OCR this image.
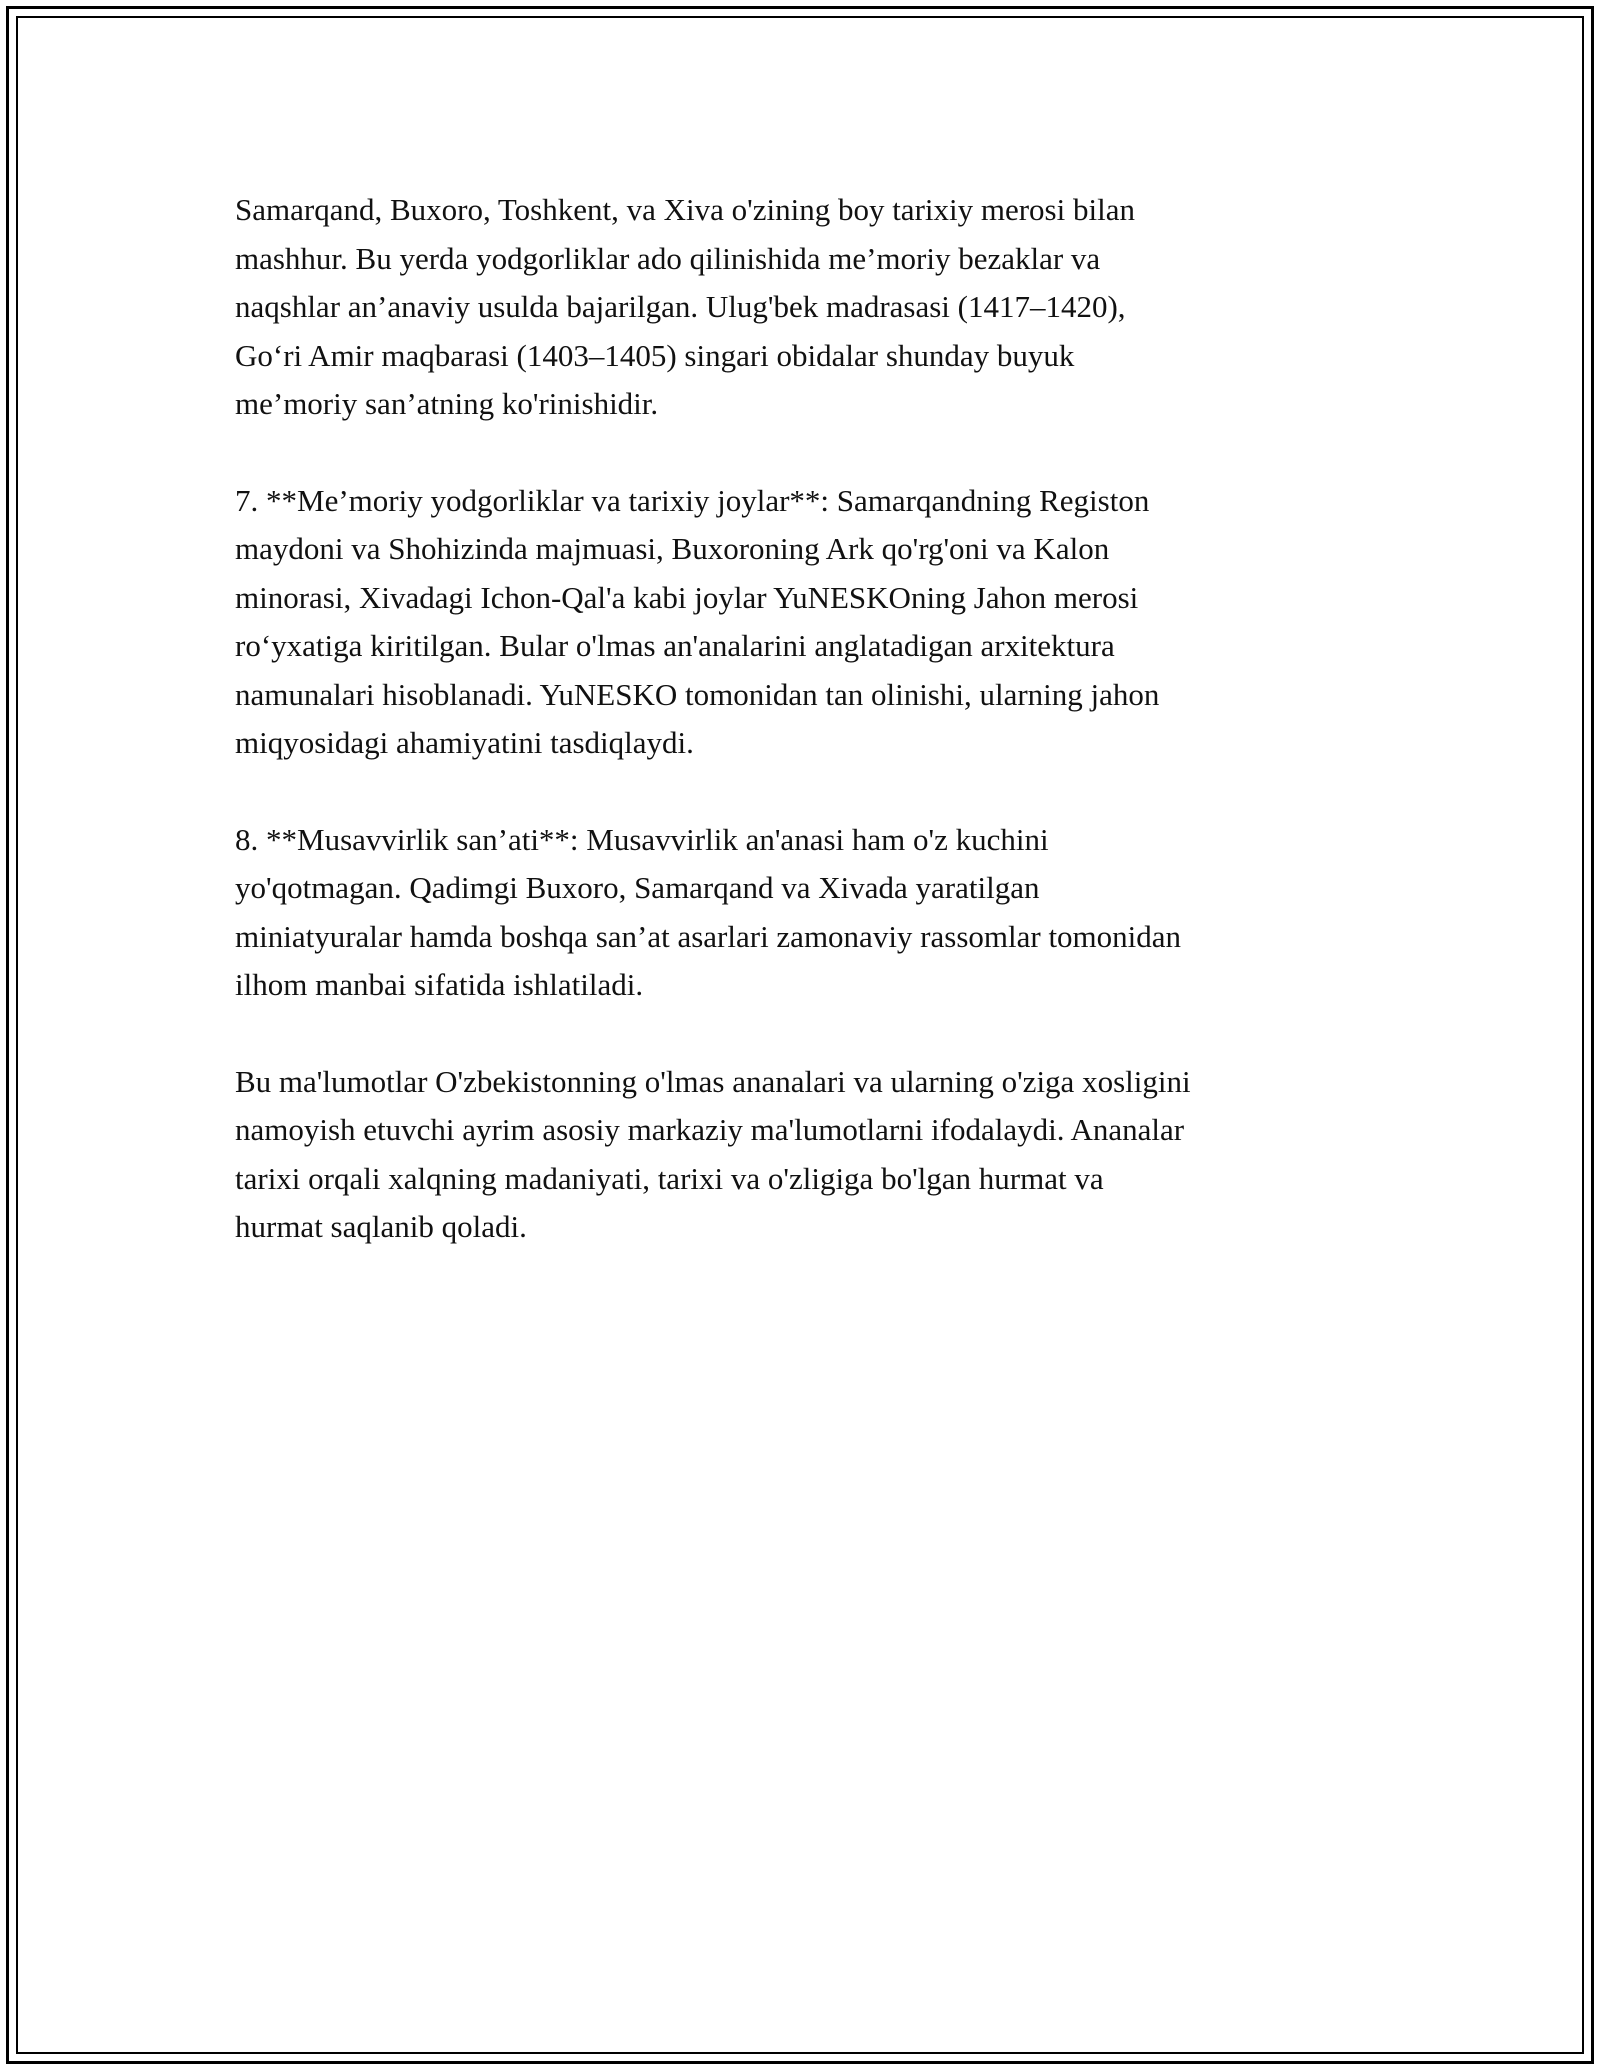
Samarqand, Buxoro, Toshkent, va Xiva o'zining boy tarixiy merosi bilan
mashhur. Bu yerda yodgorliklar ado qilinishida me’moriy bezaklar va
naqshlar an’anaviy usulda bajarilgan. Ulug'bek madrasasi (1417–1420),
Go‘ri Amir maqbarasi (1403–1405) singari obidalar shunday buyuk
me’moriy san’atning ko'rinishidir.

7. **Me’moriy yodgorliklar va tarixiy joylar**: Samarqandning Registon
maydoni va Shohizinda majmuasi, Buxoroning Ark qo'rg'oni va Kalon
minorasi, Xivadagi Ichon-Qal'a kabi joylar YuNESKOning Jahon merosi
ro‘yxatiga kiritilgan. Bular o'lmas an'analarini anglatadigan arxitektura
namunalari hisoblanadi. YuNESKO tomonidan tan olinishi, ularning jahon
miqyosidagi ahamiyatini tasdiqlaydi.

8. **Musavvirlik san’ati**: Musavvirlik an'anasi ham o'z kuchini
yo'qotmagan. Qadimgi Buxoro, Samarqand va Xivada yaratilgan
miniatyuralar hamda boshqa san’at asarlari zamonaviy rassomlar tomonidan
ilhom manbai sifatida ishlatiladi.

Bu ma'lumotlar O'zbekistonning o'lmas ananalari va ularning o'ziga xosligini
namoyish etuvchi ayrim asosiy markaziy ma'lumotlarni ifodalaydi. Ananalar
tarixi orqali xalqning madaniyati, tarixi va o'zligiga bo'lgan hurmat va
hurmat saqlanib qoladi.
